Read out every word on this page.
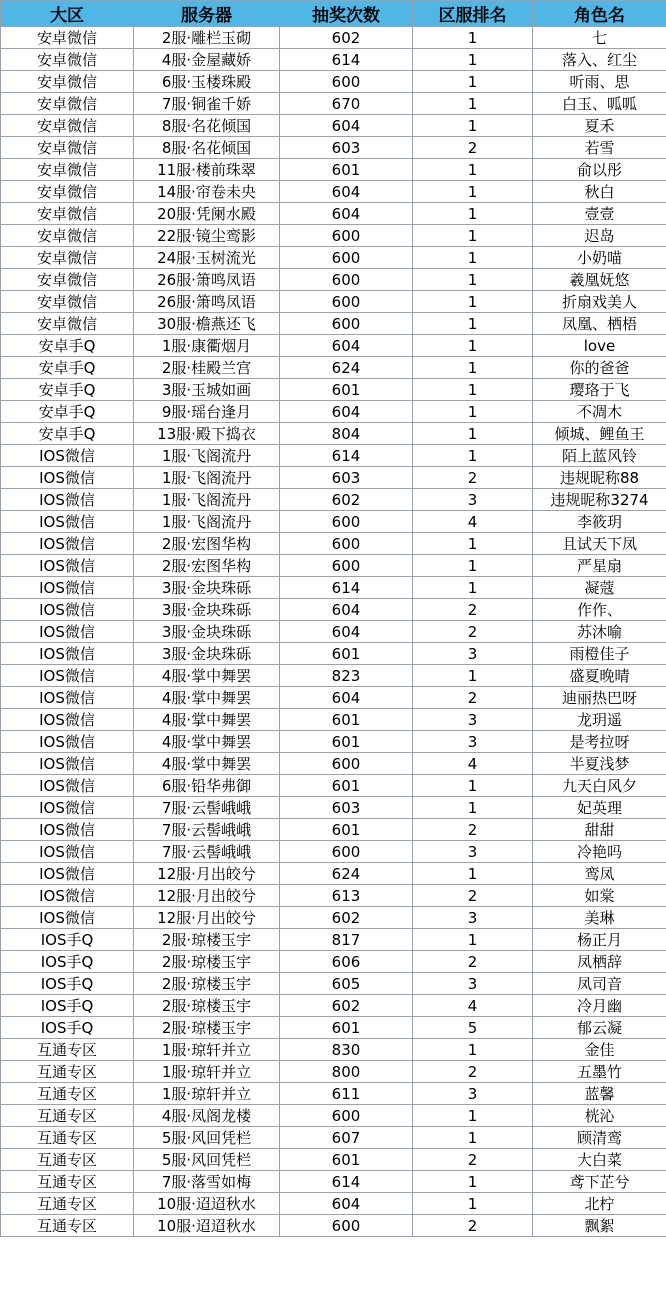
大区	服务器	抽奖次数	区服排名	角色名
安卓微信	2服·雕栏玉砌	602	1	七
安卓微信	4服·金屋藏娇	614	1	落入、红尘
安卓微信	6服·玉楼珠殿	600	1	听雨、思
安卓微信	7服·铜雀千娇	670	1	白玉、呱呱
安卓微信	8服·名花倾国	604	1	夏禾
安卓微信	8服·名花倾国	603	2	若雪
安卓微信	11服·楼前珠翠	601	1	俞以彤
安卓微信	14服·帘卷未央	604	1	秋白
安卓微信	20服·凭阑水殿	604	1	壹壹
安卓微信	22服·镜尘鸾影	600	1	迟岛
安卓微信	24服·玉树流光	600	1	小奶喵
安卓微信	26服·箫鸣凤语	600	1	羲凰妩悠
安卓微信	26服·箫鸣凤语	600	1	折扇戏美人
安卓微信	30服·檐燕还飞	600	1	凤凰、栖梧
安卓手Q	1服·康衢烟月	604	1	love
安卓手Q	2服·桂殿兰宫	624	1	你的爸爸
安卓手Q	3服·玉城如画	601	1	璎珞于飞
安卓手Q	9服·瑶台逢月	604	1	不凋木
安卓手Q	13服·殿下捣衣	804	1	倾城、鲤鱼王
IOS微信	1服·飞阁流丹	614	1	陌上蓝风铃
IOS微信	1服·飞阁流丹	603	2	违规昵称88
IOS微信	1服·飞阁流丹	602	3	违规昵称3274
IOS微信	1服·飞阁流丹	600	4	李筱玥
IOS微信	2服·宏图华构	600	1	且试天下凤
IOS微信	2服·宏图华构	600	1	严星扇
IOS微信	3服·金块珠砾	614	1	凝蔻
IOS微信	3服·金块珠砾	604	2	作作、
IOS微信	3服·金块珠砾	604	2	苏沐喻
IOS微信	3服·金块珠砾	601	3	雨橙佳子
IOS微信	4服·掌中舞罢	823	1	盛夏晚晴
IOS微信	4服·掌中舞罢	604	2	迪丽热巴呀
IOS微信	4服·掌中舞罢	601	3	龙玥遥
IOS微信	4服·掌中舞罢	601	3	是考拉呀
IOS微信	4服·掌中舞罢	600	4	半夏浅梦
IOS微信	6服·铅华弗御	601	1	九天白风夕
IOS微信	7服·云髻峨峨	603	1	妃英理
IOS微信	7服·云髻峨峨	601	2	甜甜
IOS微信	7服·云髻峨峨	600	3	冷艳吗
IOS微信	12服·月出皎兮	624	1	鸾凤
IOS微信	12服·月出皎兮	613	2	如棠
IOS微信	12服·月出皎兮	602	3	美琳
IOS手Q	2服·琼楼玉宇	817	1	杨正月
IOS手Q	2服·琼楼玉宇	606	2	凤栖辞
IOS手Q	2服·琼楼玉宇	605	3	凤司音
IOS手Q	2服·琼楼玉宇	602	4	冷月幽
IOS手Q	2服·琼楼玉宇	601	5	郁云凝
互通专区	1服·琼轩并立	830	1	金佳
互通专区	1服·琼轩并立	800	2	五墨竹
互通专区	1服·琼轩并立	611	3	蓝馨
互通专区	4服·凤阁龙楼	600	1	桄沁
互通专区	5服·风回凭栏	607	1	顾清鸾
互通专区	5服·风回凭栏	601	2	大白菜
互通专区	7服·落雪如梅	614	1	鸢下芷兮
互通专区	10服·迢迢秋水	604	1	北柠
互通专区	10服·迢迢秋水	600	2	飘絮
